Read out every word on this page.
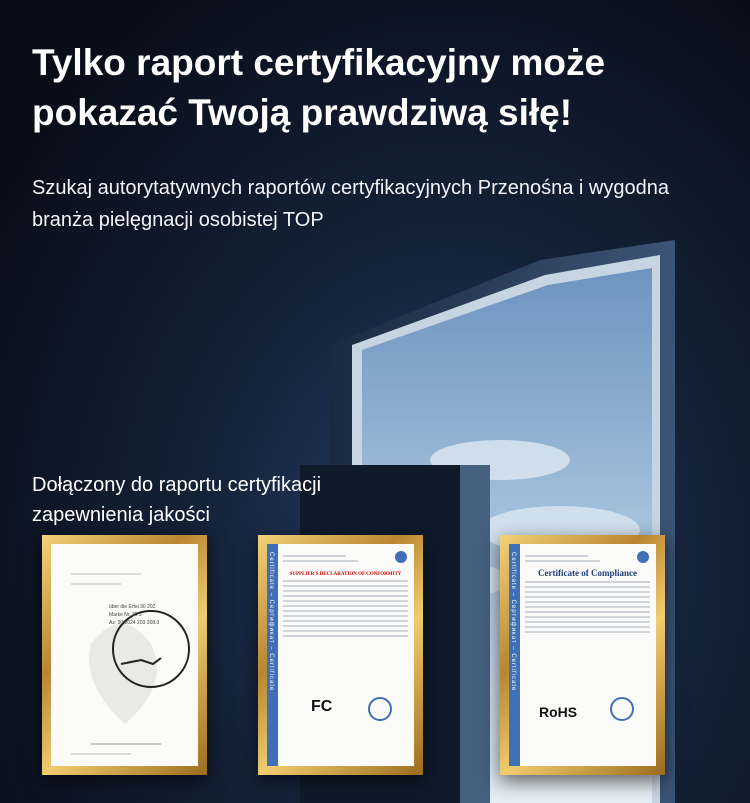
Tylko raport certyfikacyjny może pokazać Twoją prawdziwą siłę!

Szukaj autorytatywnych raportów certyfikacyjnych Przenośna i wygodna branża pielęgnacji osobistej TOP

Dołączony do raportu certyfikacji zapewnienia jakości

über die Ertei 30 202
Marke Nr. 30 2
Az: 30 2024 203 308.3	Certificate – Сертификат – Certificate	SUPPLIER'S DECLARATION OF CONFORMITY
FC
Certificate – Сертификат – Certificate	Certificate of Compliance
RoHS
